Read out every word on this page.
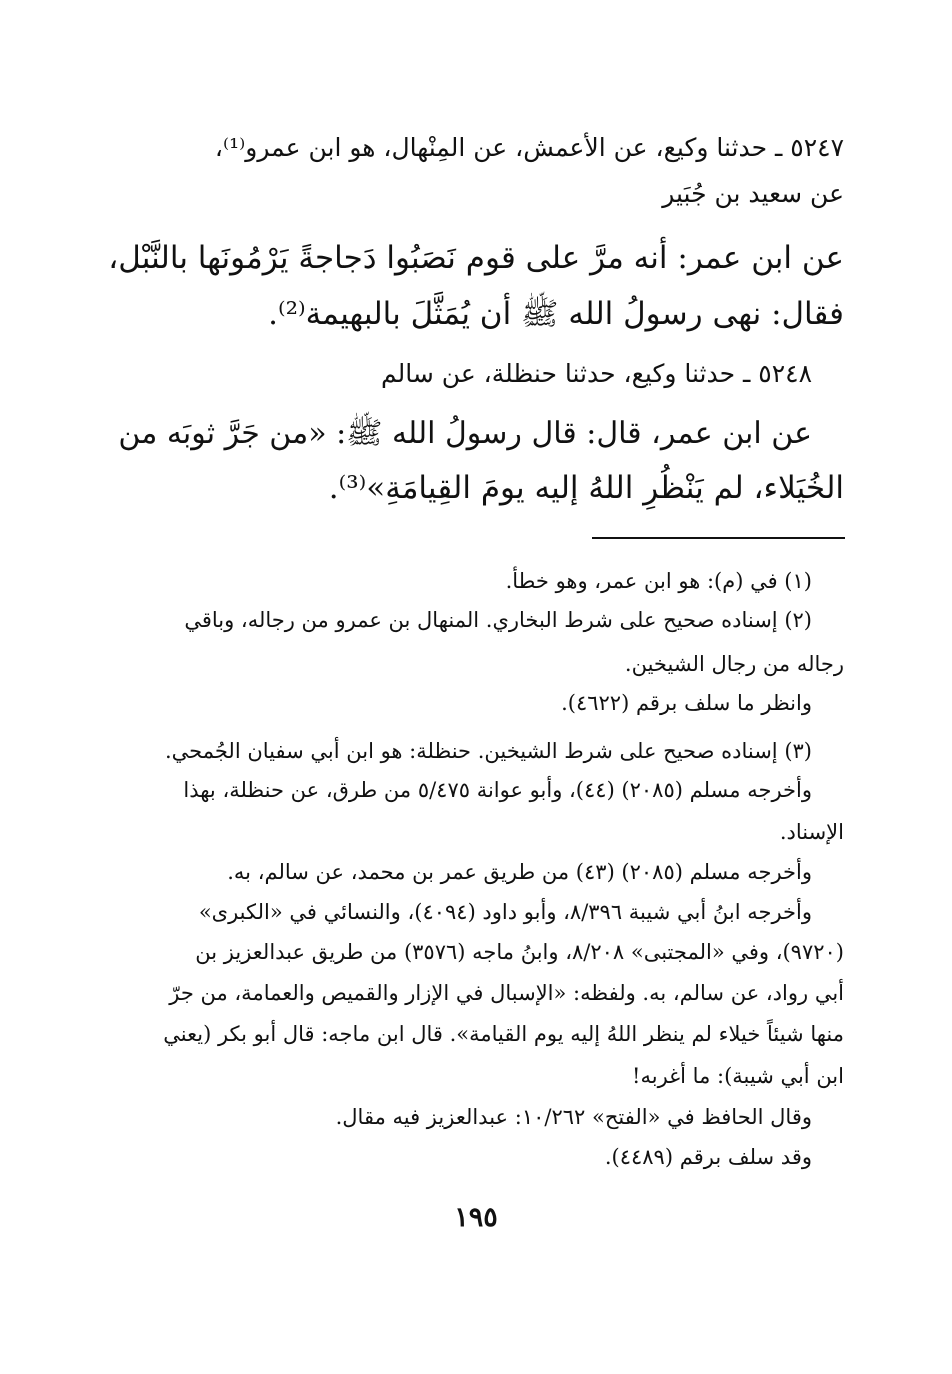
٥٢٤٧ ـ حدثنا وكيع، عن الأعمش، عن المِنْهال، هو ابن عمرو⁽¹⁾،
عن سعيد بن جُبَير
عن ابن عمر: أنه مرَّ على قوم نَصَبُوا دَجاجةً يَرْمُونَها بالنَّبْل،
فقال: نهى رسولُ الله ﷺ أن يُمَثَّلَ بالبهيمة⁽²⁾.
٥٢٤٨ ـ حدثنا وكيع، حدثنا حنظلة، عن سالم
عن ابن عمر، قال: قال رسولُ الله ﷺ: «من جَرَّ ثوبَه من
الخُيَلاء، لم يَنْظُرِ اللهُ إليه يومَ القِيامَةِ»⁽³⁾.
(١) في (م): هو ابن عمر، وهو خطأ.
(٢) إسناده صحيح على شرط البخاري. المنهال بن عمرو من رجاله، وباقي
رجاله من رجال الشيخين.
وانظر ما سلف برقم (٤٦٢٢).
(٣) إسناده صحيح على شرط الشيخين. حنظلة: هو ابن أبي سفيان الجُمحي.
وأخرجه مسلم (٢٠٨٥) (٤٤)، وأبو عوانة ٥/٤٧٥ من طرق، عن حنظلة، بهذا
الإسناد.
وأخرجه مسلم (٢٠٨٥) (٤٣) من طريق عمر بن محمد، عن سالم، به.
وأخرجه ابنُ أبي شيبة ٨/٣٩٦، وأبو داود (٤٠٩٤)، والنسائي في «الكبرى»
(٩٧٢٠)، وفي «المجتبى» ٨/٢٠٨، وابنُ ماجه (٣٥٧٦) من طريق عبدالعزيز بن
أبي رواد، عن سالم، به. ولفظه: «الإسبال في الإزار والقميص والعمامة، من جرّ
منها شيئاً خيلاء لم ينظر اللهُ إليه يوم القيامة». قال ابن ماجه: قال أبو بكر (يعني
ابن أبي شيبة): ما أغربه!
وقال الحافظ في «الفتح» ١٠/٢٦٢: عبدالعزيز فيه مقال.
وقد سلف برقم (٤٤٨٩).
١٩٥
